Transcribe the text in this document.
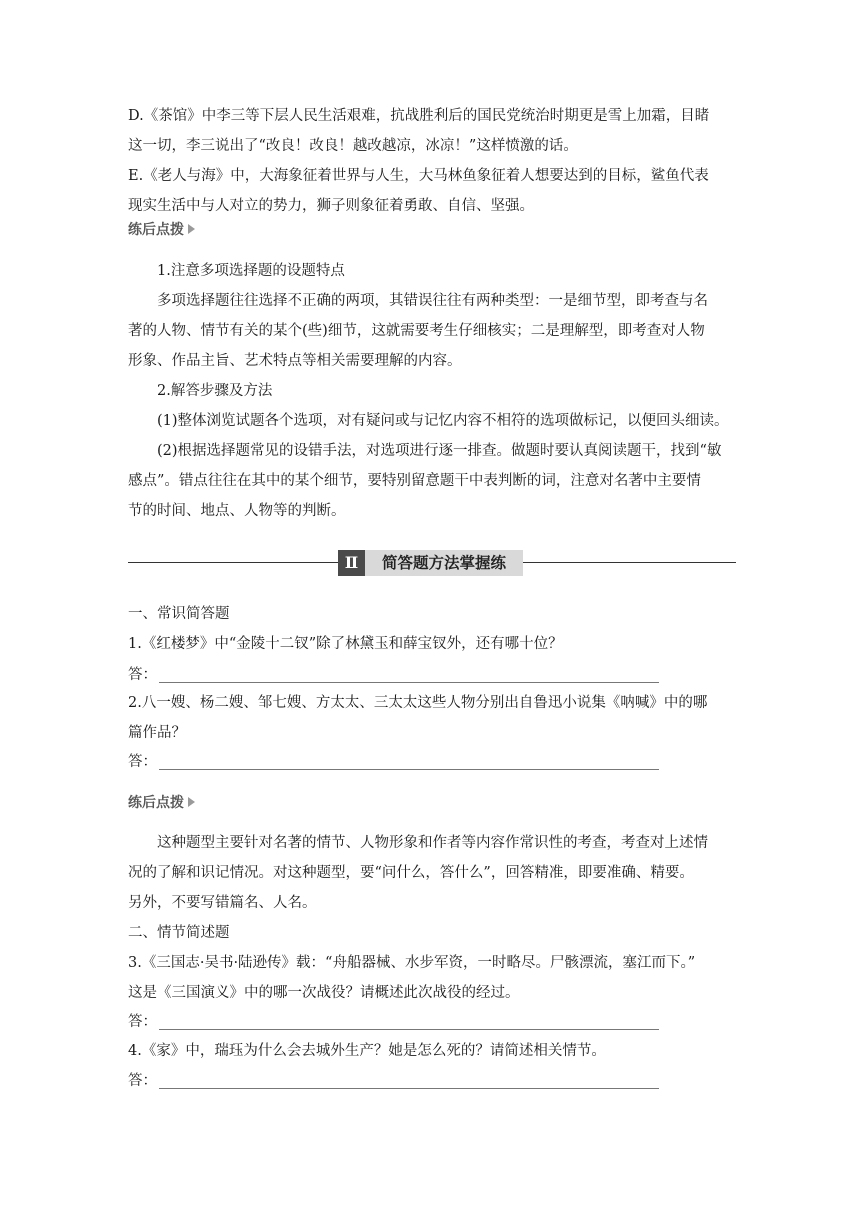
D.《茶馆》中李三等下层人民生活艰难，抗战胜利后的国民党统治时期更是雪上加霜，目睹
这一切，李三说出了“改良！改良！越改越凉，冰凉！”这样愤激的话。
E.《老人与海》中，大海象征着世界与人生，大马林鱼象征着人想要达到的目标，鲨鱼代表
现实生活中与人对立的势力，狮子则象征着勇敢、自信、坚强。
练后点拨
1.注意多项选择题的设题特点
多项选择题往往选择不正确的两项，其错误往往有两种类型：一是细节型，即考查与名
著的人物、情节有关的某个(些)细节，这就需要考生仔细核实；二是理解型，即考查对人物
形象、作品主旨、艺术特点等相关需要理解的内容。
2.解答步骤及方法
(1)整体浏览试题各个选项，对有疑问或与记忆内容不相符的选项做标记，以便回头细读。
(2)根据选择题常见的设错手法，对选项进行逐一排查。做题时要认真阅读题干，找到“敏
感点”。错点往往在其中的某个细节，要特别留意题干中表判断的词，注意对名著中主要情
节的时间、地点、人物等的判断。
Ⅱ	简答题方法掌握练
一、常识简答题
1.《红楼梦》中“金陵十二钗”除了林黛玉和薛宝钗外，还有哪十位？
答：
2.八一嫂、杨二嫂、邹七嫂、方太太、三太太这些人物分别出自鲁迅小说集《呐喊》中的哪
篇作品？
答：
练后点拨
这种题型主要针对名著的情节、人物形象和作者等内容作常识性的考查，考查对上述情
况的了解和识记情况。对这种题型，要“问什么，答什么”，回答精准，即要准确、精要。
另外，不要写错篇名、人名。
二、情节简述题
3.《三国志·吴书·陆逊传》载：“舟船器械、水步军资，一时略尽。尸骸漂流，塞江而下。”
这是《三国演义》中的哪一次战役？请概述此次战役的经过。
答：
4.《家》中，瑞珏为什么会去城外生产？她是怎么死的？请简述相关情节。
答：
